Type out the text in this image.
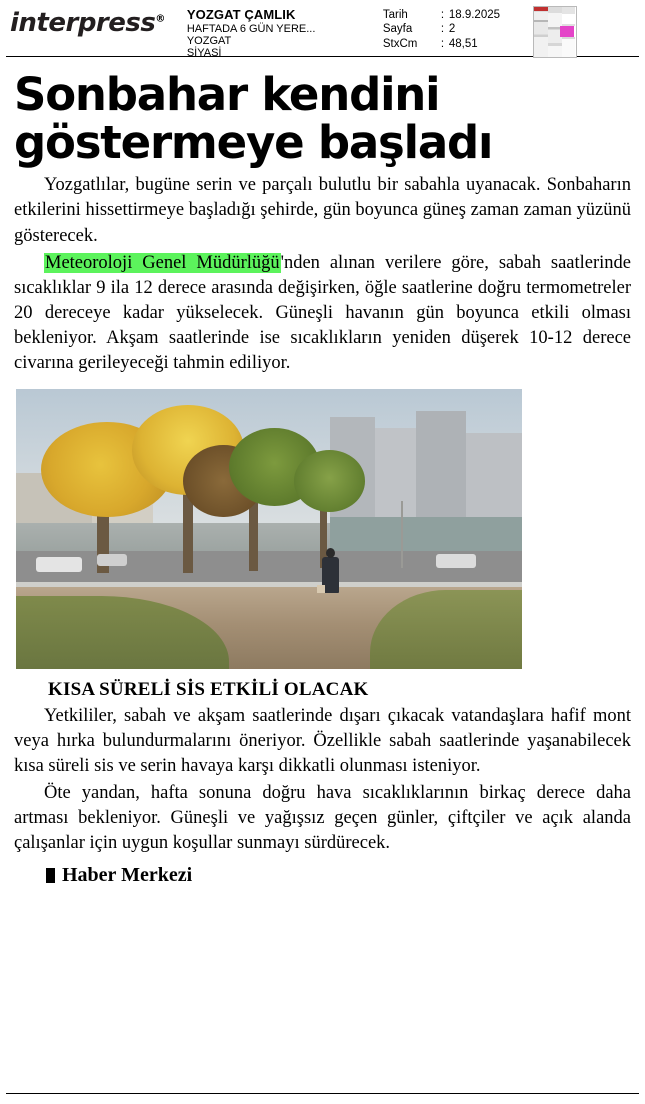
interpress® YOZGAT ÇAMLIK
HAFTADA 6 GÜN YERE...
YOZGAT
SİYASİ
Tarih	: 18.9.2025
Sayfa	: 2
StxCm	: 48,51
Sonbahar kendini
göstermeye başladı

Yozgatlılar, bugüne serin ve parçalı bulutlu bir sabahla uyanacak. Sonbaharın etkilerini hissettirmeye başladığı şehirde, gün boyunca güneş zaman zaman yüzünü gösterecek.

Meteoroloji Genel Müdürlüğü'nden alınan verilere göre, sabah saatlerinde sıcaklıklar 9 ila 12 derece arasında değişirken, öğle saatlerine doğru termometreler 20 dereceye kadar yükselecek. Güneşli havanın gün boyunca etkili olması bekleniyor. Akşam saatlerinde ise sıcaklıkların yeniden düşerek 10-12 derece civarına gerileyeceği tahmin ediliyor.

KISA SÜRELİ SİS ETKİLİ OLACAK

Yetkililer, sabah ve akşam saatlerinde dışarı çıkacak vatandaşlara hafif mont veya hırka bulundurmalarını öneriyor. Özellikle sabah saatlerinde yaşanabilecek kısa süreli sis ve serin havaya karşı dikkatli olunması isteniyor.

Öte yandan, hafta sonuna doğru hava sıcaklıklarının birkaç derece daha artması bekleniyor. Güneşli ve yağışsız geçen günler, çiftçiler ve açık alanda çalışanlar için uygun koşullar sunmayı sürdürecek.

Haber Merkezi
